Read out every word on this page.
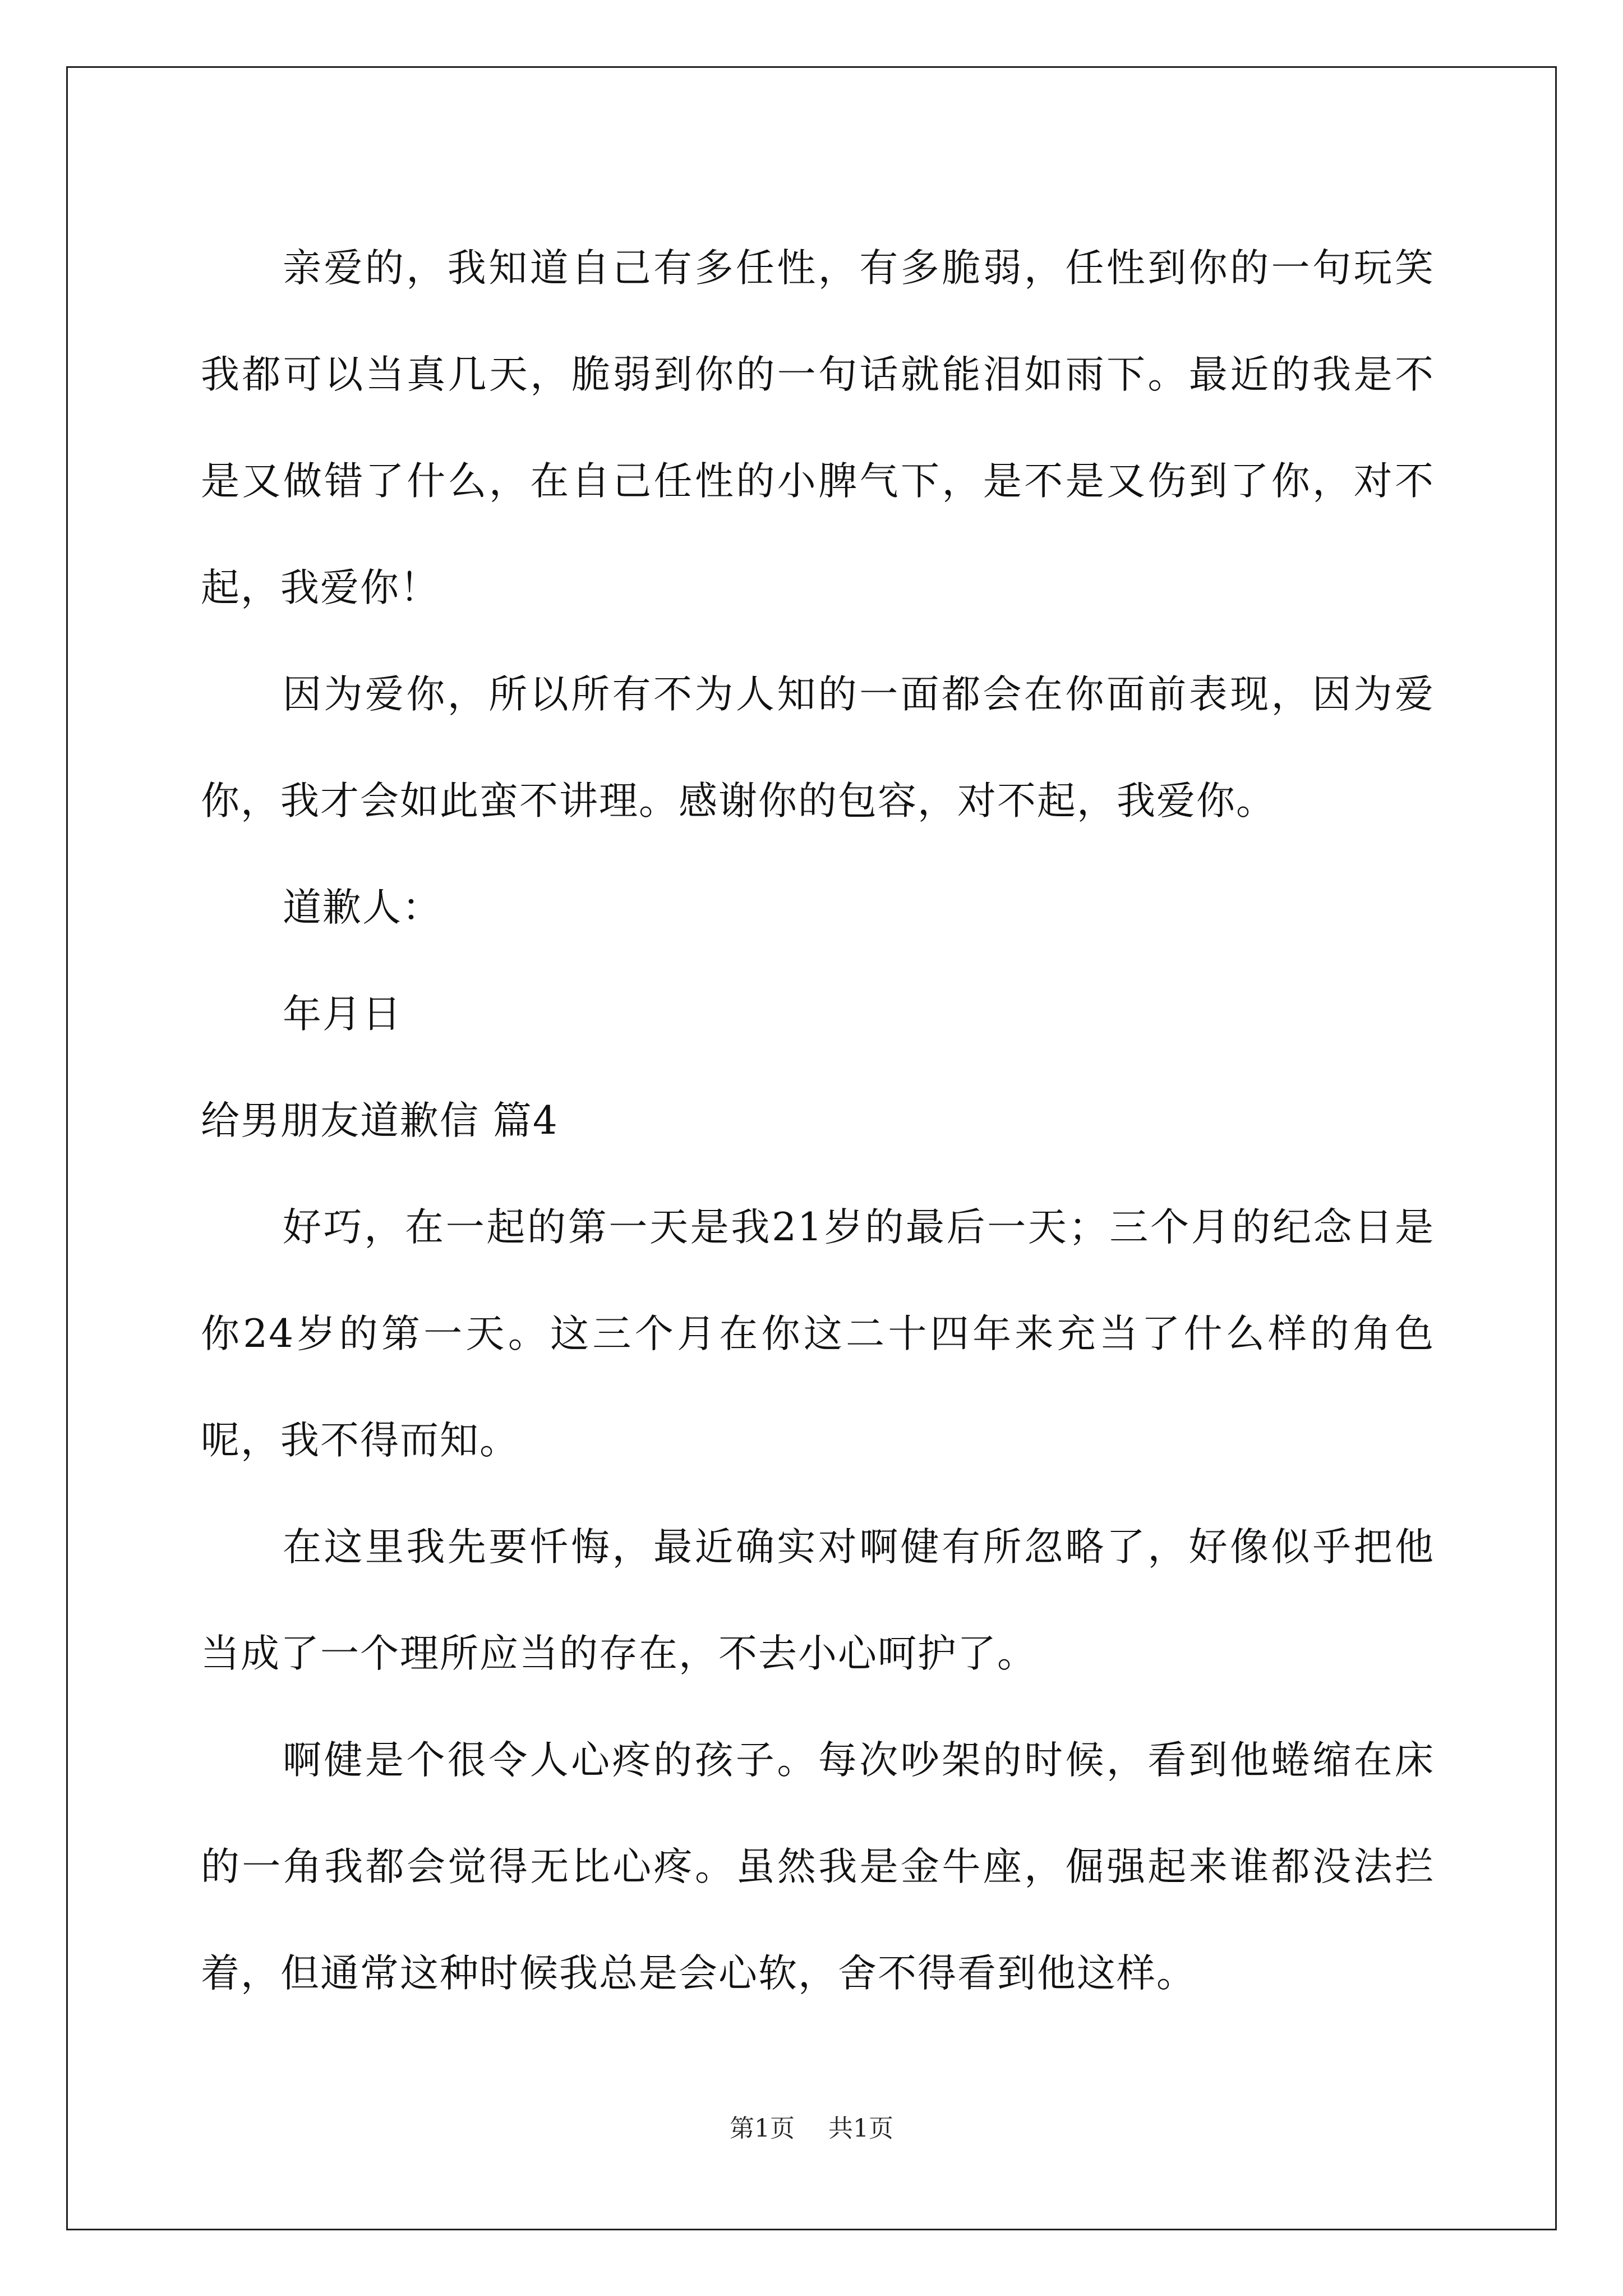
亲爱的，我知道自己有多任性，有多脆弱，任性到你的一句玩笑我都可以当真几天，脆弱到你的一句话就能泪如雨下。最近的我是不是又做错了什么，在自己任性的小脾气下，是不是又伤到了你，对不起，我爱你！

因为爱你，所以所有不为人知的一面都会在你面前表现，因为爱你，我才会如此蛮不讲理。感谢你的包容，对不起，我爱你。

道歉人：

年月日

给男朋友道歉信 篇4

好巧，在一起的第一天是我21岁的最后一天；三个月的纪念日是你24岁的第一天。这三个月在你这二十四年来充当了什么样的角色呢，我不得而知。

在这里我先要忏悔，最近确实对啊健有所忽略了，好像似乎把他当成了一个理所应当的存在，不去小心呵护了。

啊健是个很令人心疼的孩子。每次吵架的时候，看到他蜷缩在床的一角我都会觉得无比心疼。虽然我是金牛座，倔强起来谁都没法拦着，但通常这种时候我总是会心软，舍不得看到他这样。

第1页 共1页
